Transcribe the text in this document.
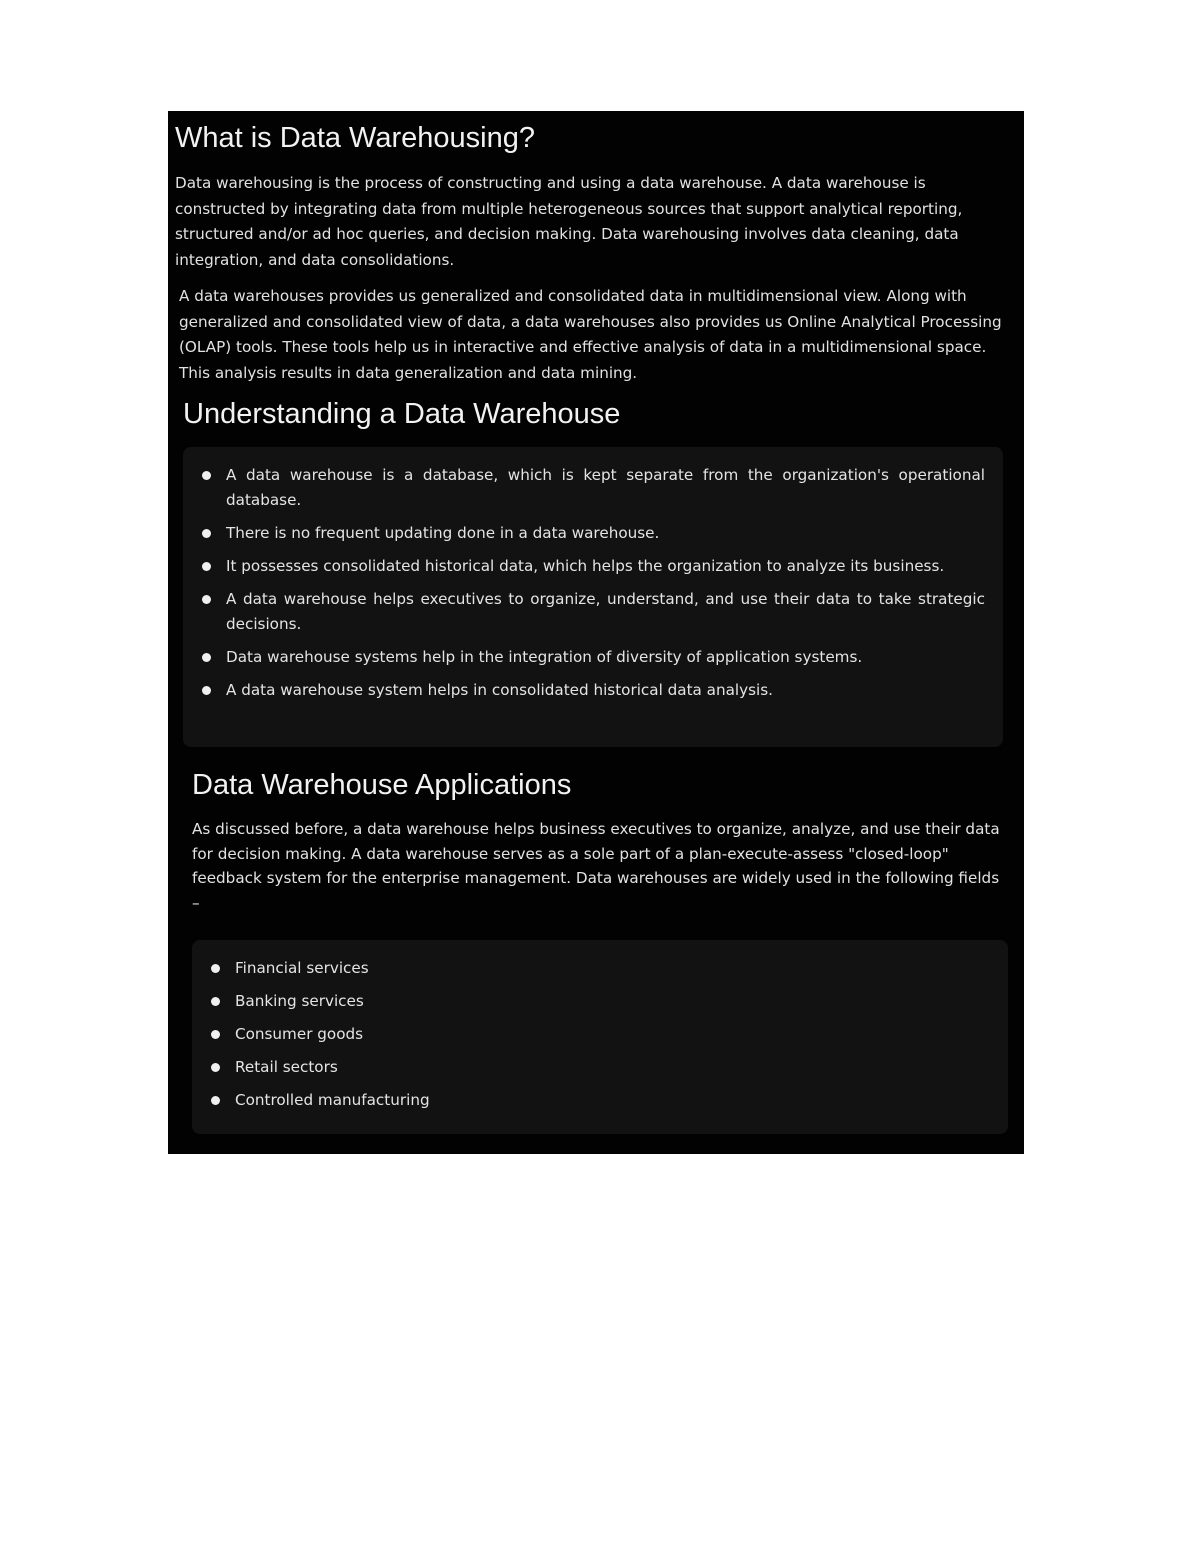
What is Data Warehousing?

Data warehousing is the process of constructing and using a data warehouse. A data warehouse is constructed by integrating data from multiple heterogeneous sources that support analytical reporting, structured and/or ad hoc queries, and decision making. Data warehousing involves data cleaning, data integration, and data consolidations.

A data warehouses provides us generalized and consolidated data in multidimensional view. Along with generalized and consolidated view of data, a data warehouses also provides us Online Analytical Processing (OLAP) tools. These tools help us in interactive and effective analysis of data in a multidimensional space. This analysis results in data generalization and data mining.

Understanding a Data Warehouse
A data warehouse is a database, which is kept separate from the organization's operational database.
There is no frequent updating done in a data warehouse.
It possesses consolidated historical data, which helps the organization to analyze its business.
A data warehouse helps executives to organize, understand, and use their data to take strategic decisions.
Data warehouse systems help in the integration of diversity of application systems.
A data warehouse system helps in consolidated historical data analysis.
Data Warehouse Applications

As discussed before, a data warehouse helps business executives to organize, analyze, and use their data for decision making. A data warehouse serves as a sole part of a plan-execute-assess "closed-loop" feedback system for the enterprise management. Data warehouses are widely used in the following fields –

Financial services
Banking services
Consumer goods
Retail sectors
Controlled manufacturing
